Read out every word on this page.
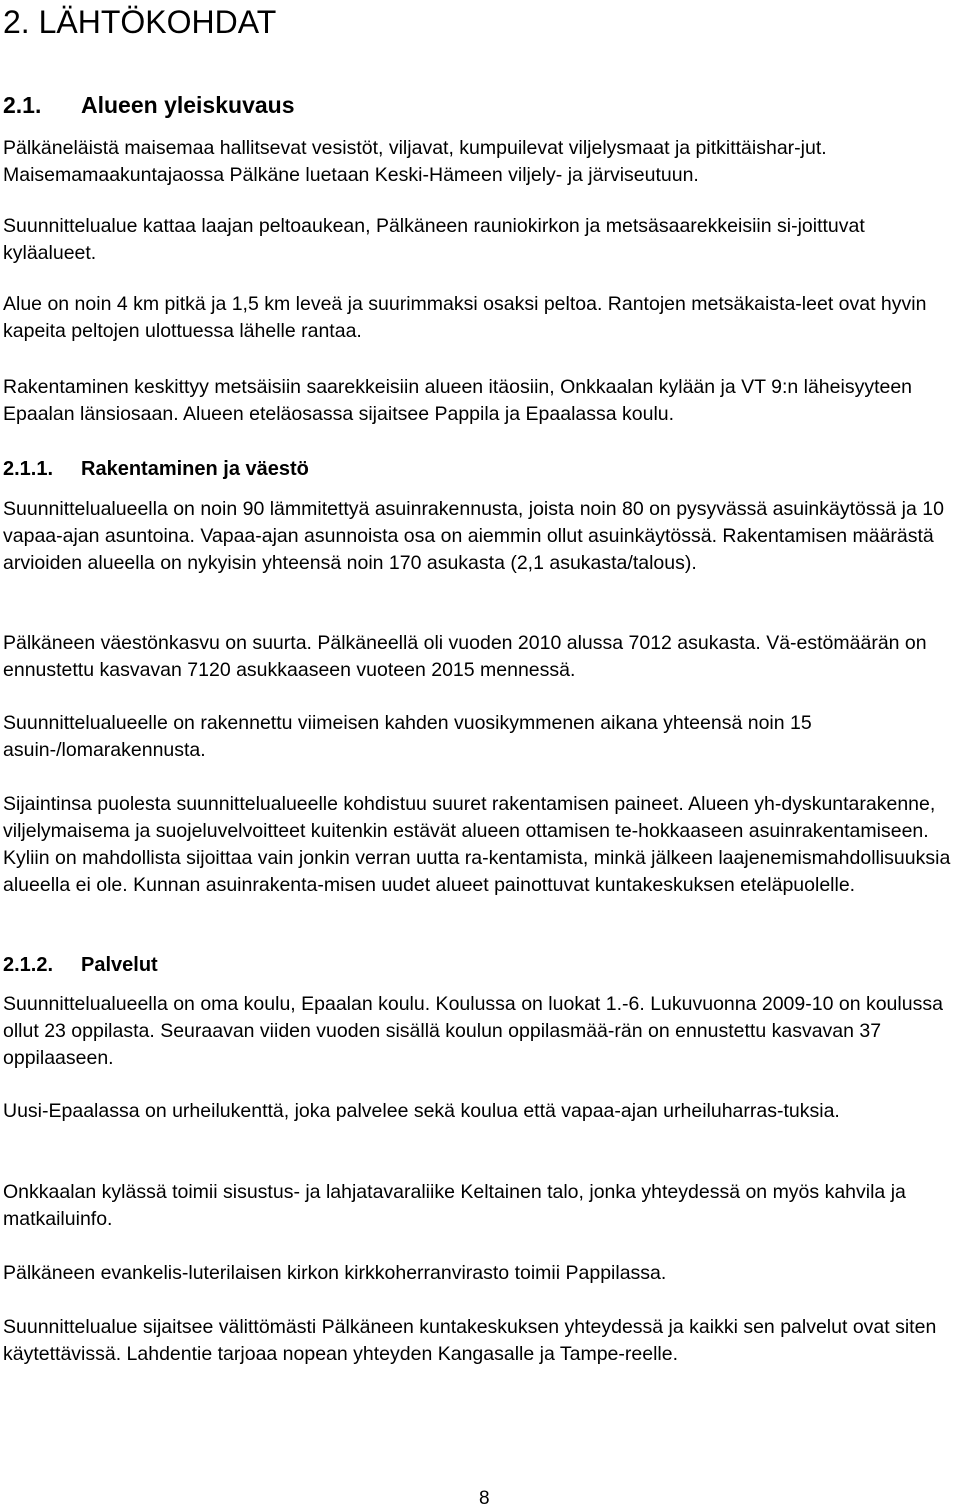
2. LÄHTÖKOHDAT
2.1. Alueen yleiskuvaus

Pälkäneläistä maisemaa hallitsevat vesistöt, viljavat, kumpuilevat viljelysmaat ja pitkittäishar-jut. Maisemamaakuntajaossa Pälkäne luetaan Keski-Hämeen viljely- ja järviseutuun.

Suunnittelualue kattaa laajan peltoaukean, Pälkäneen rauniokirkon ja metsäsaarekkeisiin si-joittuvat kyläalueet.

Alue on noin 4 km pitkä ja 1,5 km leveä ja suurimmaksi osaksi peltoa. Rantojen metsäkaista-leet ovat hyvin kapeita peltojen ulottuessa lähelle rantaa.

Rakentaminen keskittyy metsäisiin saarekkeisiin alueen itäosiin, Onkkaalan kylään ja VT 9:n läheisyyteen Epaalan länsiosaan. Alueen eteläosassa sijaitsee Pappila ja Epaalassa koulu.

2.1.1. Rakentaminen ja väestö

Suunnittelualueella on noin 90 lämmitettyä asuinrakennusta, joista noin 80 on pysyvässä asuinkäytössä ja 10 vapaa-ajan asuntoina. Vapaa-ajan asunnoista osa on aiemmin ollut asuinkäytössä. Rakentamisen määrästä arvioiden alueella on nykyisin yhteensä noin 170 asukasta (2,1 asukasta/talous).

Pälkäneen väestönkasvu on suurta. Pälkäneellä oli vuoden 2010 alussa 7012 asukasta. Vä-estömäärän on ennustettu kasvavan 7120 asukkaaseen vuoteen 2015 mennessä.

Suunnittelualueelle on rakennettu viimeisen kahden vuosikymmenen aikana yhteensä noin 15 asuin-/lomarakennusta.

Sijaintinsa puolesta suunnittelualueelle kohdistuu suuret rakentamisen paineet. Alueen yh-dyskuntarakenne, viljelymaisema ja suojeluvelvoitteet kuitenkin estävät alueen ottamisen te-hokkaaseen asuinrakentamiseen. Kyliin on mahdollista sijoittaa vain jonkin verran uutta ra-kentamista, minkä jälkeen laajenemismahdollisuuksia alueella ei ole. Kunnan asuinrakenta-misen uudet alueet painottuvat kuntakeskuksen eteläpuolelle.

2.1.2. Palvelut

Suunnittelualueella on oma koulu, Epaalan koulu. Koulussa on luokat 1.-6. Lukuvuonna 2009-10 on koulussa ollut 23 oppilasta. Seuraavan viiden vuoden sisällä koulun oppilasmää-rän on ennustettu kasvavan 37 oppilaaseen.

Uusi-Epaalassa on urheilukenttä, joka palvelee sekä koulua että vapaa-ajan urheiluharras-tuksia.

Onkkaalan kylässä toimii sisustus- ja lahjatavaraliike Keltainen talo, jonka yhteydessä on myös kahvila ja matkailuinfo.

Pälkäneen evankelis-luterilaisen kirkon kirkkoherranvirasto toimii Pappilassa.

Suunnittelualue sijaitsee välittömästi Pälkäneen kuntakeskuksen yhteydessä ja kaikki sen palvelut ovat siten käytettävissä. Lahdentie tarjoaa nopean yhteyden Kangasalle ja Tampe-reelle.

8
